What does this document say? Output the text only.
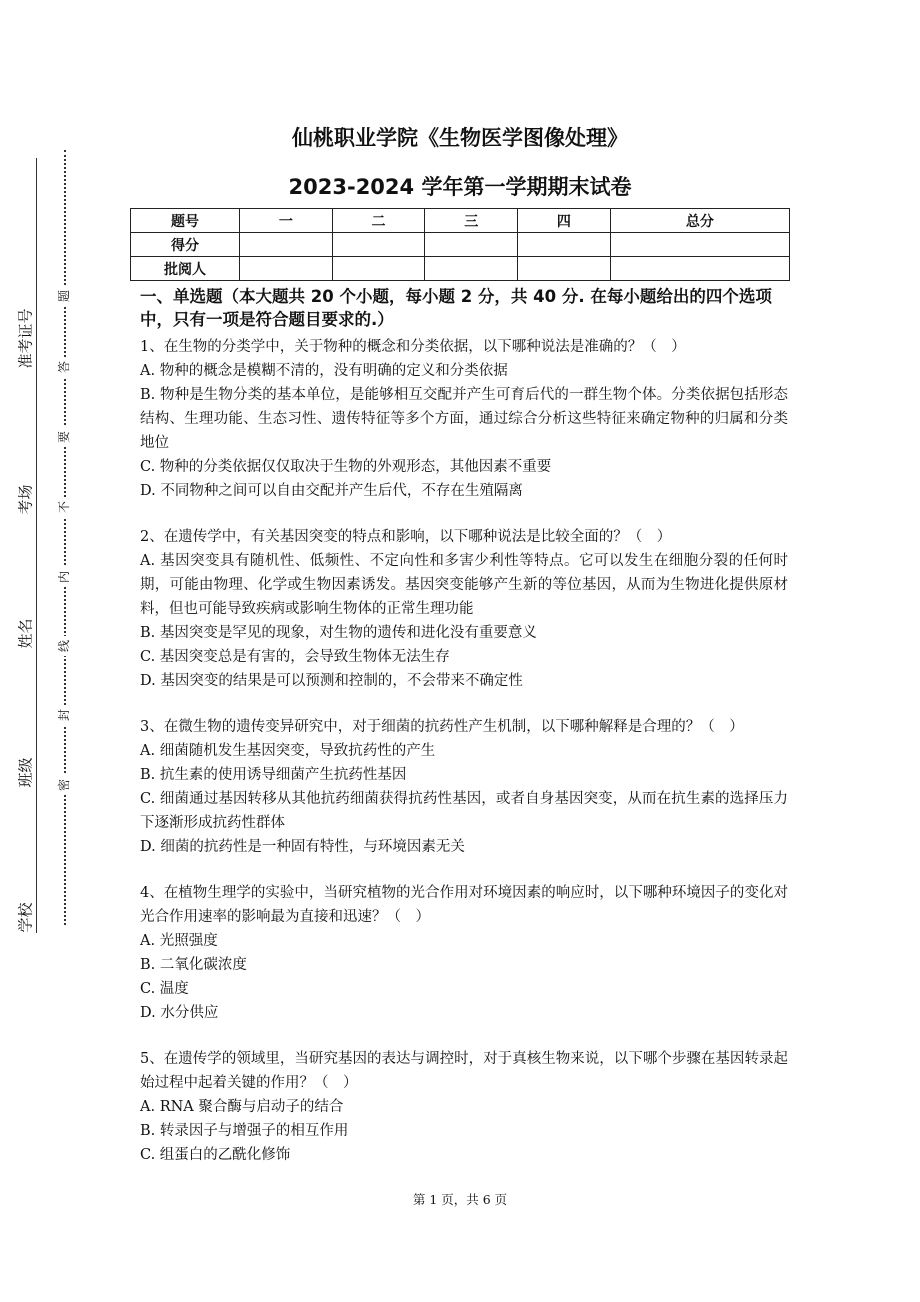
学校
班级
姓名
考场
准考证号
题
答
要
不
内
线
封
密
仙桃职业学院《生物医学图像处理》
2023-2024 学年第一学期期末试卷
题号	一	二	三	四	总分
得分					
批阅人					

一、单选题（本大题共 20 个小题，每小题 2 分，共 40 分. 在每小题给出的四个选项中，只有一项是符合题目要求的.）

1、在生物的分类学中，关于物种的概念和分类依据，以下哪种说法是准确的？（　）

A. 物种的概念是模糊不清的，没有明确的定义和分类依据

B. 物种是生物分类的基本单位，是能够相互交配并产生可育后代的一群生物个体。分类依据包括形态结构、生理功能、生态习性、遗传特征等多个方面，通过综合分析这些特征来确定物种的归属和分类地位

C. 物种的分类依据仅仅取决于生物的外观形态，其他因素不重要

D. 不同物种之间可以自由交配并产生后代，不存在生殖隔离

2、在遗传学中，有关基因突变的特点和影响，以下哪种说法是比较全面的？（　）

A. 基因突变具有随机性、低频性、不定向性和多害少利性等特点。它可以发生在细胞分裂的任何时期，可能由物理、化学或生物因素诱发。基因突变能够产生新的等位基因，从而为生物进化提供原材料，但也可能导致疾病或影响生物体的正常生理功能

B. 基因突变是罕见的现象，对生物的遗传和进化没有重要意义

C. 基因突变总是有害的，会导致生物体无法生存

D. 基因突变的结果是可以预测和控制的，不会带来不确定性

3、在微生物的遗传变异研究中，对于细菌的抗药性产生机制，以下哪种解释是合理的？（　）

A. 细菌随机发生基因突变，导致抗药性的产生

B. 抗生素的使用诱导细菌产生抗药性基因

C. 细菌通过基因转移从其他抗药细菌获得抗药性基因，或者自身基因突变，从而在抗生素的选择压力下逐渐形成抗药性群体

D. 细菌的抗药性是一种固有特性，与环境因素无关

4、在植物生理学的实验中，当研究植物的光合作用对环境因素的响应时，以下哪种环境因子的变化对光合作用速率的影响最为直接和迅速？（　）

A. 光照强度

B. 二氧化碳浓度

C. 温度

D. 水分供应

5、在遗传学的领域里，当研究基因的表达与调控时，对于真核生物来说，以下哪个步骤在基因转录起始过程中起着关键的作用？（　）

A. RNA 聚合酶与启动子的结合

B. 转录因子与增强子的相互作用

C. 组蛋白的乙酰化修饰

第 1 页，共 6 页
